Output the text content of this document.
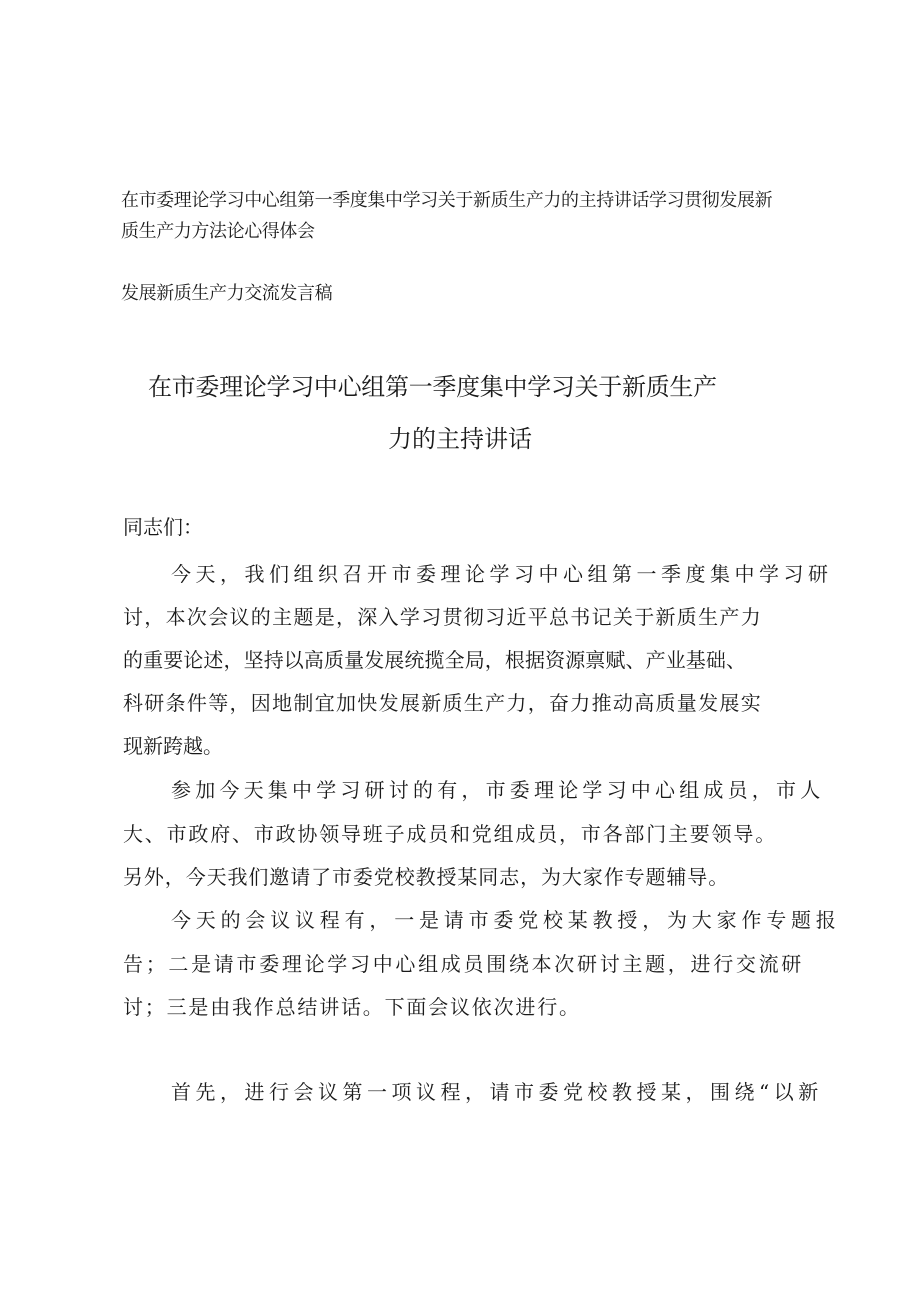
在市委理论学习中心组第一季度集中学习关于新质生产力的主持讲话学习贯彻发展新

质生产力方法论心得体会

发展新质生产力交流发言稿

在市委理论学习中心组第一季度集中学习关于新质生产
力的主持讲话

同志们：

今天，我们组织召开市委理论学习中心组第一季度集中学习研

讨，本次会议的主题是，深入学习贯彻习近平总书记关于新质生产力

的重要论述，坚持以高质量发展统揽全局，根据资源禀赋、产业基础、

科研条件等，因地制宜加快发展新质生产力，奋力推动高质量发展实

现新跨越。

参加今天集中学习研讨的有，市委理论学习中心组成员，市人

大、市政府、市政协领导班子成员和党组成员，市各部门主要领导。

另外，今天我们邀请了市委党校教授某同志，为大家作专题辅导。

今天的会议议程有，一是请市委党校某教授，为大家作专题报

告；二是请市委理论学习中心组成员围绕本次研讨主题，进行交流研

讨；三是由我作总结讲话。下面会议依次进行。

首先，进行会议第一项议程，请市委党校教授某，围绕“以新
